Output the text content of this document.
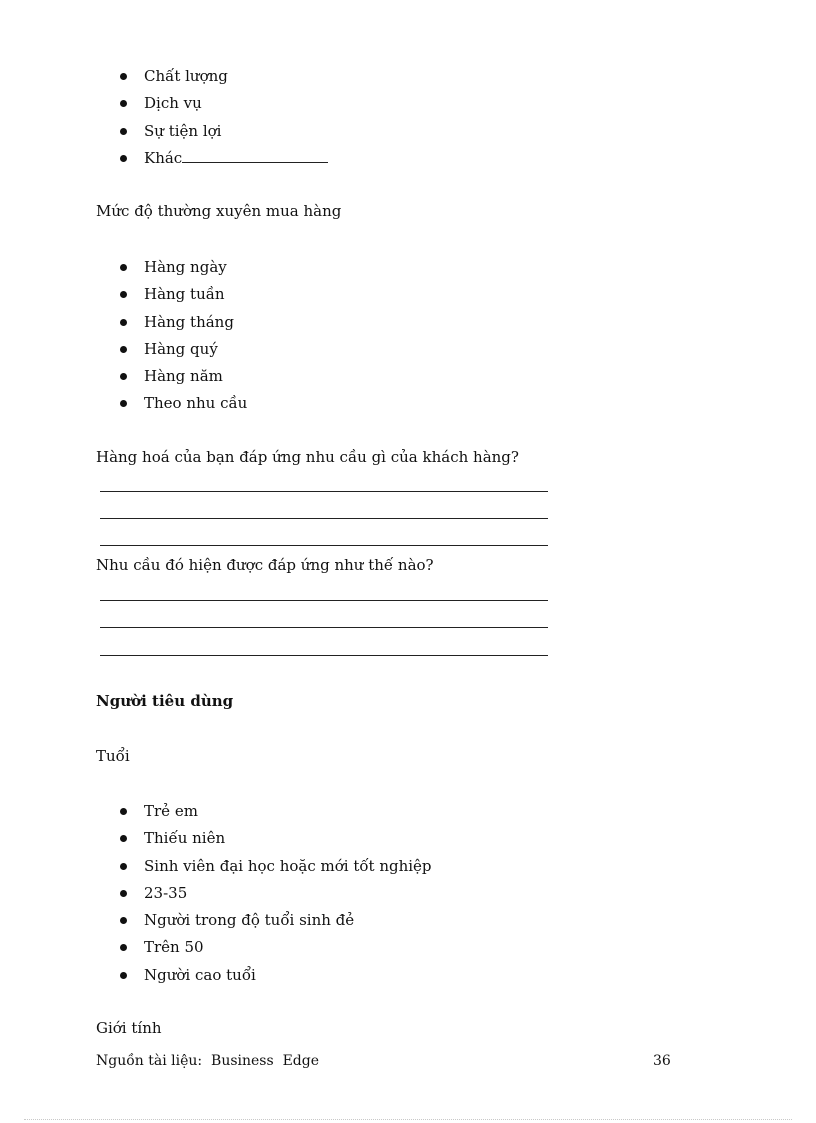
Chất lượng
Dịch vụ
Sự tiện lợi
Khác
Mức độ thường xuyên mua hàng
Hàng ngày
Hàng tuần
Hàng tháng
Hàng quý
Hàng năm
Theo nhu cầu
Hàng hoá của bạn đáp ứng nhu cầu gì của khách hàng?
Nhu cầu đó hiện được đáp ứng như thế nào?
Người tiêu dùng
Tuổi
Trẻ em
Thiếu niên
Sinh viên đại học hoặc mới tốt nghiệp
23-35
Người trong độ tuổi sinh đẻ
Trên 50
Người cao tuổi
Giới tính
Nguồn tài liệu:  Business  Edge	36
